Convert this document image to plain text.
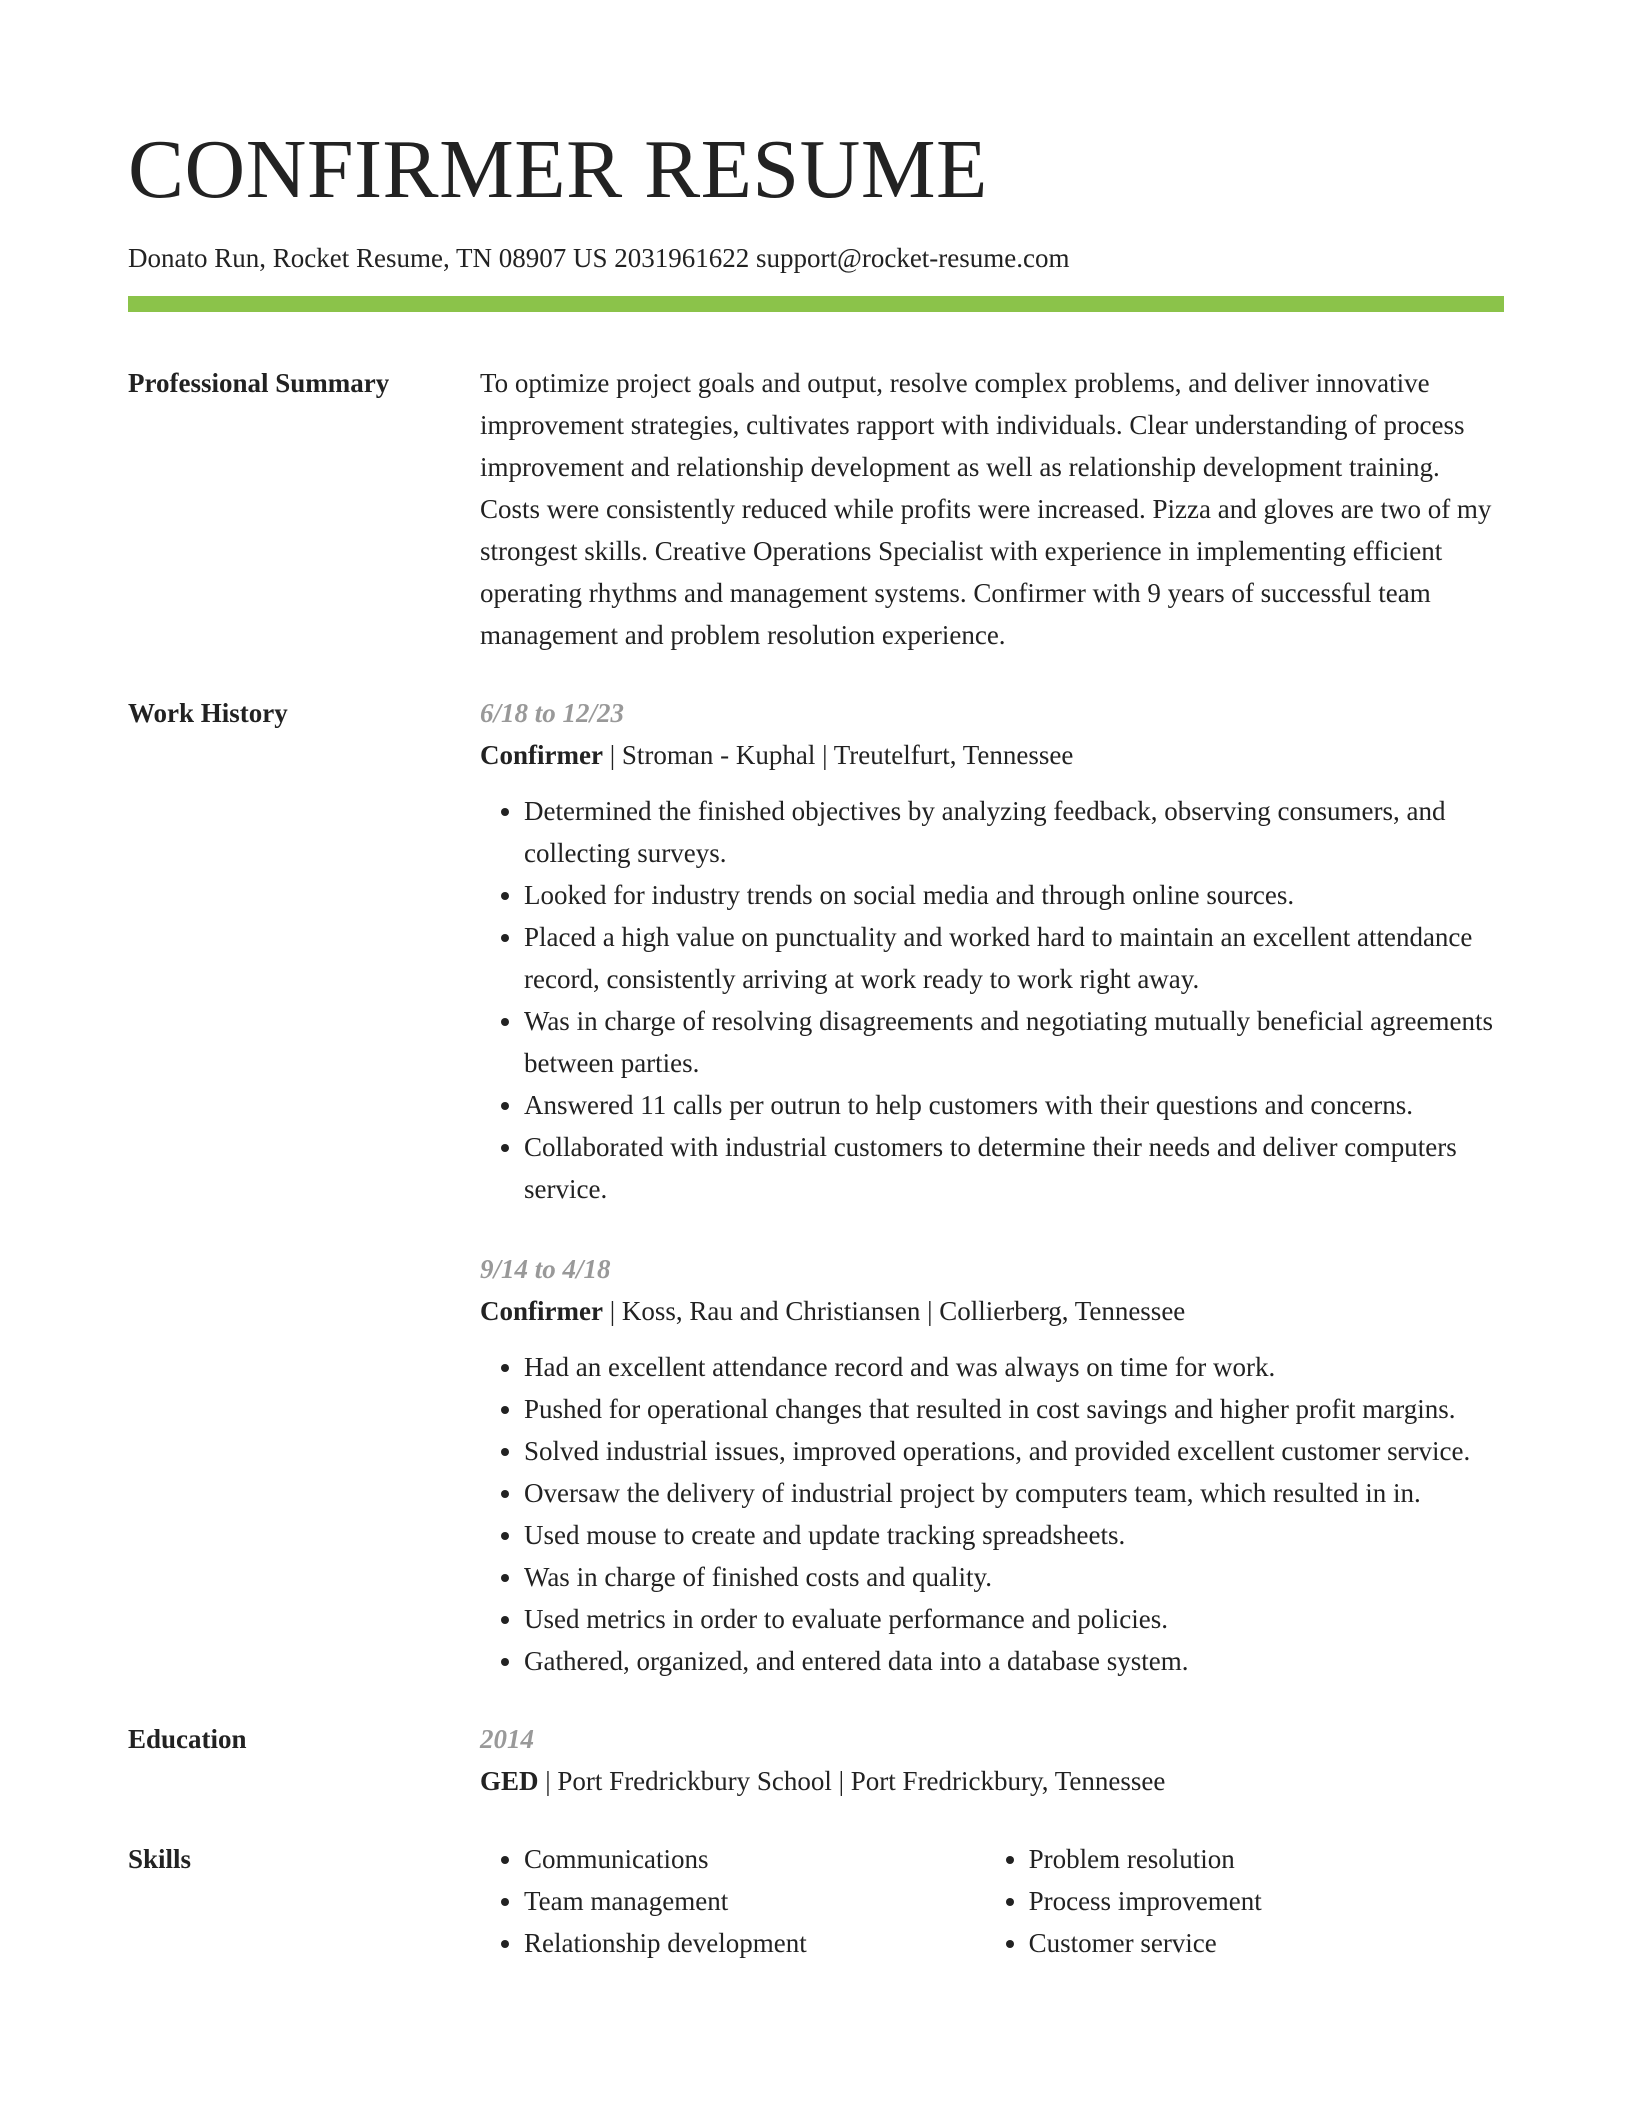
CONFIRMER RESUME
Donato Run, Rocket Resume, TN 08907 US 2031961622 support@rocket-resume.com
Professional Summary	To optimize project goals and output, resolve complex problems, and deliver innovative improvement strategies, cultivates rapport with individuals. Clear understanding of process improvement and relationship development as well as relationship development training. Costs were consistently reduced while profits were increased. Pizza and gloves are two of my strongest skills. Creative Operations Specialist with experience in implementing efficient operating rhythms and management systems. Confirmer with 9 years of successful team management and problem resolution experience.

Work History	6/18 to 12/23
Confirmer | Stroman - Kuphal | Treutelfurt, Tennessee
• Determined the finished objectives by analyzing feedback, observing consumers, and collecting surveys.
• Looked for industry trends on social media and through online sources.
• Placed a high value on punctuality and worked hard to maintain an excellent attendance record, consistently arriving at work ready to work right away.
• Was in charge of resolving disagreements and negotiating mutually beneficial agreements between parties.
• Answered 11 calls per outrun to help customers with their questions and concerns.
• Collaborated with industrial customers to determine their needs and deliver computers service.
9/14 to 4/18
Confirmer | Koss, Rau and Christiansen | Collierberg, Tennessee
• Had an excellent attendance record and was always on time for work.
• Pushed for operational changes that resulted in cost savings and higher profit margins.
• Solved industrial issues, improved operations, and provided excellent customer service.
• Oversaw the delivery of industrial project by computers team, which resulted in in.
• Used mouse to create and update tracking spreadsheets.
• Was in charge of finished costs and quality.
• Used metrics in order to evaluate performance and policies.
• Gathered, organized, and entered data into a database system.
Education	2014
GED | Port Fredrickbury School | Port Fredrickbury, Tennessee
Skills
•	Communications
• Team management
• Relationship development
• Problem resolution
• Process improvement
• Customer service
